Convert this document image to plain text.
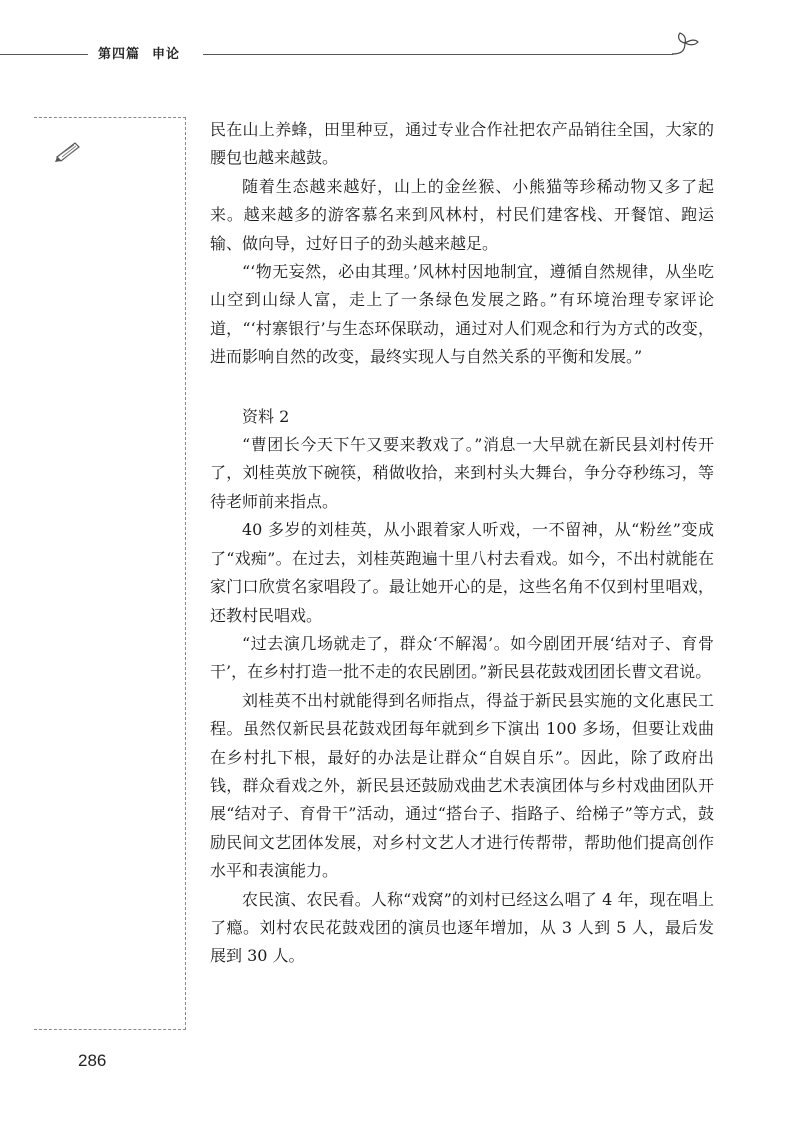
第四篇 申论

民在山上养蜂，田里种豆，通过专业合作社把农产品销往全国，大家的腰包也越来越鼓。

随着生态越来越好，山上的金丝猴、小熊猫等珍稀动物又多了起来。越来越多的游客慕名来到风林村，村民们建客栈、开餐馆、跑运输、做向导，过好日子的劲头越来越足。

“‘物无妄然，必由其理。’风林村因地制宜，遵循自然规律，从坐吃山空到山绿人富，走上了一条绿色发展之路。”有环境治理专家评论道，“‘村寨银行’与生态环保联动，通过对人们观念和行为方式的改变，进而影响自然的改变，最终实现人与自然关系的平衡和发展。”

资料 2

“曹团长今天下午又要来教戏了。”消息一大早就在新民县刘村传开了，刘桂英放下碗筷，稍做收拾，来到村头大舞台，争分夺秒练习，等待老师前来指点。

40 多岁的刘桂英，从小跟着家人听戏，一不留神，从“粉丝”变成了“戏痴”。在过去，刘桂英跑遍十里八村去看戏。如今，不出村就能在家门口欣赏名家唱段了。最让她开心的是，这些名角不仅到村里唱戏，还教村民唱戏。

“过去演几场就走了，群众‘不解渴’。如今剧团开展‘结对子、育骨干’，在乡村打造一批不走的农民剧团。”新民县花鼓戏团团长曹文君说。

刘桂英不出村就能得到名师指点，得益于新民县实施的文化惠民工程。虽然仅新民县花鼓戏团每年就到乡下演出 100 多场，但要让戏曲在乡村扎下根，最好的办法是让群众“自娱自乐”。因此，除了政府出钱，群众看戏之外，新民县还鼓励戏曲艺术表演团体与乡村戏曲团队开展“结对子、育骨干”活动，通过“搭台子、指路子、给梯子”等方式，鼓励民间文艺团体发展，对乡村文艺人才进行传帮带，帮助他们提高创作水平和表演能力。

农民演、农民看。人称“戏窝”的刘村已经这么唱了 4 年，现在唱上了瘾。刘村农民花鼓戏团的演员也逐年增加，从 3 人到 5 人，最后发展到 30 人。

286
